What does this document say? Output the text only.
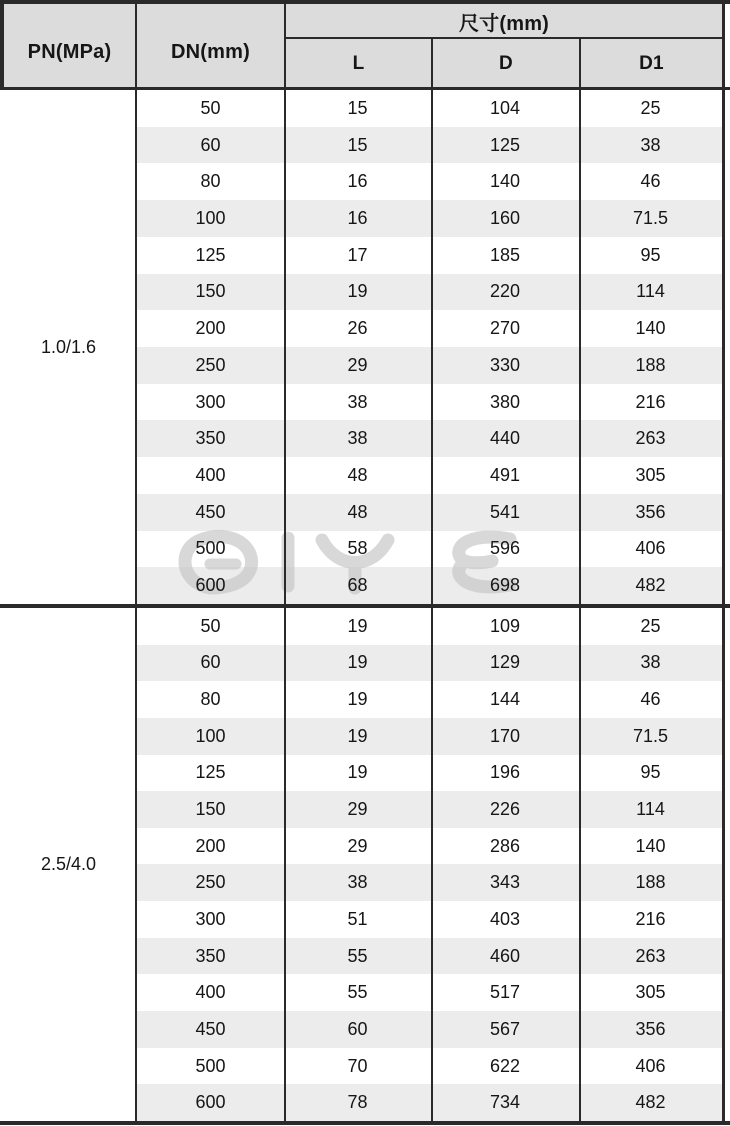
PN(MPa)	DN(mm)
尺寸(mm)
L	D	D1
1.0/1.6
50	15	104	25
60	15	125	38
80	16	140	46
100	16	160	71.5
125	17	185	95
150	19	220	114
200	26	270	140
250	29	330	188
300	38	380	216
350	38	440	263
400	48	491	305
450	48	541	356
500	58	596	406
600	68	698	482
2.5/4.0
50	19	109	25
60	19	129	38
80	19	144	46
100	19	170	71.5
125	19	196	95
150	29	226	114
200	29	286	140
250	38	343	188
300	51	403	216
350	55	460	263
400	55	517	305
450	60	567	356
500	70	622	406
600	78	734	482
